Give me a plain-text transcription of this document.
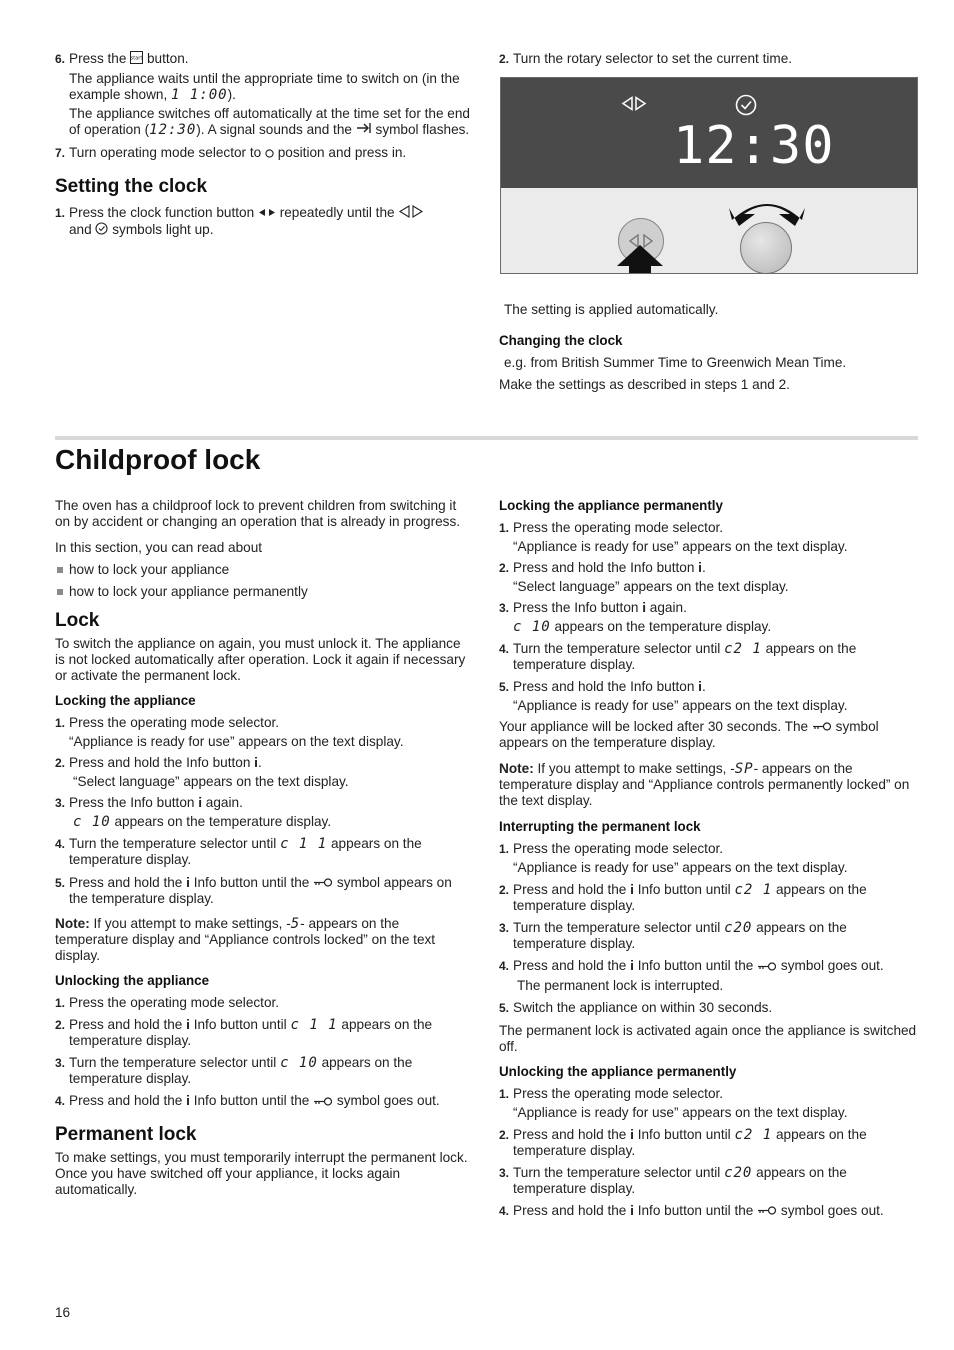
6. Press the start button.
The appliance waits until the appropriate time to switch on (in the example shown, 1 1:00).
The appliance switches off automatically at the time set for the end of operation (12:30). A signal sounds and the symbol flashes.
7. Turn operating mode selector to position and press in.
Setting the clock
1. Press the clock function button repeatedly until the
and symbols light up.
2. Turn the rotary selector to set the current time.
12:30

The setting is applied automatically.

Changing the clock

e.g. from British Summer Time to Greenwich Mean Time.

Make the settings as described in steps 1 and 2.

Childproof lock

The oven has a childproof lock to prevent children from switching it on by accident or changing an operation that is already in progress.

In this section, you can read about

how to lock your appliance
how to lock your appliance permanently
Lock

To switch the appliance on again, you must unlock it. The appliance is not locked automatically after operation. Lock it again if necessary or activate the permanent lock.

Locking the appliance
1. Press the operating mode selector.
“Appliance is ready for use” appears on the text display.
2. Press and hold the Info button 𝐢.
“Select language” appears on the text display.
3. Press the Info button 𝐢 again.
c 10 appears on the temperature display.
4. Turn the temperature selector until c 1 1 appears on the temperature display.
5. Press and hold the 𝐢 Info button until the symbol appears on the temperature display.

Note: If you attempt to make settings, -5- appears on the temperature display and “Appliance controls locked” on the text display.

Unlocking the appliance
1. Press the operating mode selector.
2. Press and hold the 𝐢 Info button until c 1 1 appears on the temperature display.
3. Turn the temperature selector until c 10 appears on the temperature display.
4. Press and hold the 𝐢 Info button until the symbol goes out.
Permanent lock

To make settings, you must temporarily interrupt the permanent lock. Once you have switched off your appliance, it locks again automatically.

Locking the appliance permanently
1. Press the operating mode selector.
“Appliance is ready for use” appears on the text display.
2. Press and hold the Info button 𝐢.
“Select language” appears on the text display.
3. Press the Info button 𝐢 again.
c 10 appears on the temperature display.
4. Turn the temperature selector until c2 1 appears on the temperature display.
5. Press and hold the Info button 𝐢.
“Appliance is ready for use” appears on the text display.

Your appliance will be locked after 30 seconds. The symbol appears on the temperature display.

Note: If you attempt to make settings, -SP- appears on the temperature display and “Appliance controls permanently locked” on the text display.

Interrupting the permanent lock
1. Press the operating mode selector.
“Appliance is ready for use” appears on the text display.
2. Press and hold the 𝐢 Info button until c2 1 appears on the temperature display.
3. Turn the temperature selector until c20 appears on the temperature display.
4. Press and hold the 𝐢 Info button until the symbol goes out.
The permanent lock is interrupted.
5. Switch the appliance on within 30 seconds.

The permanent lock is activated again once the appliance is switched off.

Unlocking the appliance permanently
1. Press the operating mode selector.
“Appliance is ready for use” appears on the text display.
2. Press and hold the 𝐢 Info button until c2 1 appears on the temperature display.
3. Turn the temperature selector until c20 appears on the temperature display.
4. Press and hold the 𝐢 Info button until the symbol goes out.
16
